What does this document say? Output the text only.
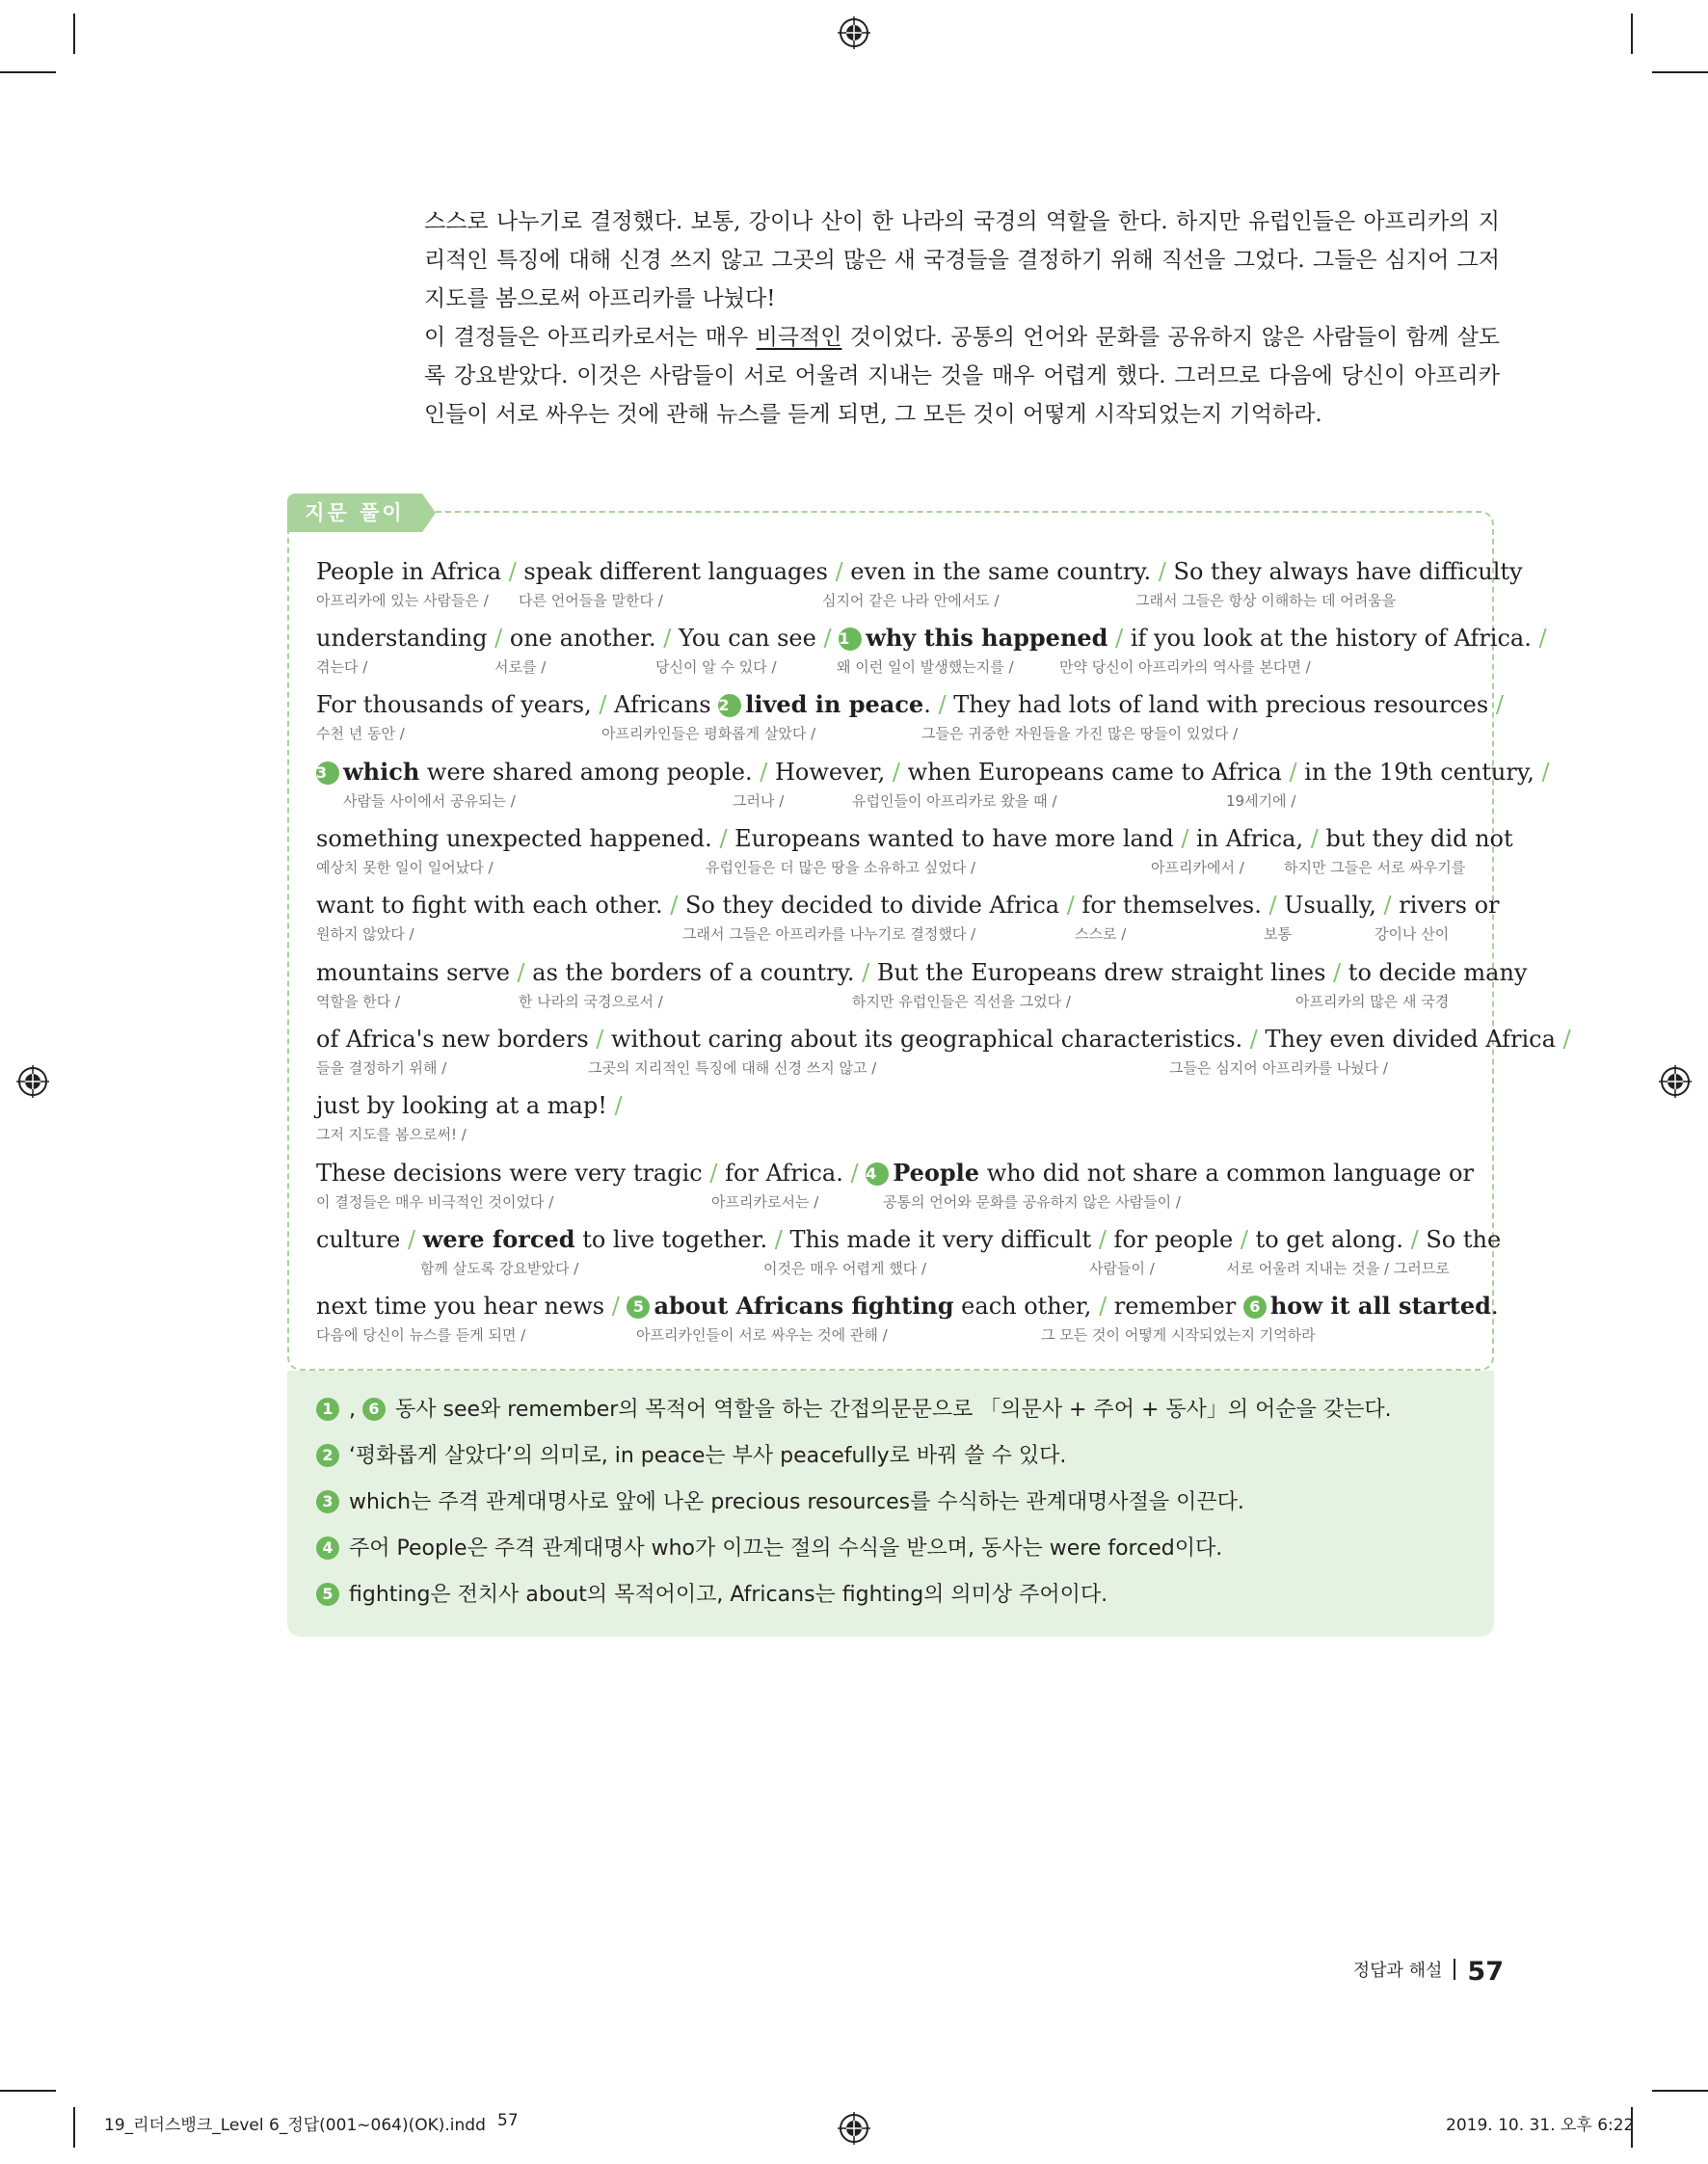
스스로 나누기로 결정했다. 보통, 강이나 산이 한 나라의 국경의 역할을 한다. 하지만 유럽인들은 아프리카의 지리적인 특징에 대해 신경 쓰지 않고 그곳의 많은 새 국경들을 결정하기 위해 직선을 그었다. 그들은 심지어 그저 지도를 봄으로써 아프리카를 나눴다!

이 결정들은 아프리카로서는 매우 비극적인 것이었다. 공통의 언어와 문화를 공유하지 않은 사람들이 함께 살도록 강요받았다. 이것은 사람들이 서로 어울려 지내는 것을 매우 어렵게 했다. 그러므로 다음에 당신이 아프리카인들이 서로 싸우는 것에 관해 뉴스를 듣게 되면, 그 모든 것이 어떻게 시작되었는지 기억하라.

지문 풀이
People in Africa / speak different languages / even in the same country. / So they always have difficulty
아프리카에 있는 사람들은 / 다른 언어들을 말한다 /	심지어 같은 나라 안에서도 /	그래서 그들은 항상 이해하는 데 어려움을
understanding / one another. / You can see / 1 why this happened / if you look at the history of Africa. /
겪는다 /	서로를 /	당신이 알 수 있다 /	왜 이런 일이 발생했는지를 /	만약 당신이 아프리카의 역사를 본다면 /
For thousands of years, / Africans 2 lived in peace. / They had lots of land with precious resources /
수천 년 동안 /	아프리카인들은 평화롭게 살았다 /	그들은 귀중한 자원들을 가진 많은 땅들이 있었다 /
3 which were shared among people. / However, / when Europeans came to Africa / in the 19th century, /
사람들 사이에서 공유되는 /	그러나 /	유럽인들이 아프리카로 왔을 때 /	19세기에 /
something unexpected happened. / Europeans wanted to have more land / in Africa, / but they did not
예상치 못한 일이 일어났다 /	유럽인들은 더 많은 땅을 소유하고 싶었다 /	아프리카에서 /	하지만 그들은 서로 싸우기를
want to fight with each other. / So they decided to divide Africa / for themselves. / Usually, / rivers or
원하지 않았다 /	그래서 그들은 아프리카를 나누기로 결정했다 /	스스로 /	보통	강이나 산이
mountains serve / as the borders of a country. / But the Europeans drew straight lines / to decide many
역할을 한다 /	한 나라의 국경으로서 /	하지만 유럽인들은 직선을 그었다 /	아프리카의 많은 새 국경
of Africa's new borders / without caring about its geographical characteristics. / They even divided Africa /
들을 결정하기 위해 /	그곳의 지리적인 특징에 대해 신경 쓰지 않고 /	그들은 심지어 아프리카를 나눴다 /
just by looking at a map! /
그저 지도를 봄으로써! /
These decisions were very tragic / for Africa. / 4 People who did not share a common language or
이 결정들은 매우 비극적인 것이었다 /	아프리카로서는 /	공통의 언어와 문화를 공유하지 않은 사람들이 /
culture / were forced to live together. / This made it very difficult / for people / to get along. / So the
함께 살도록 강요받았다 /	이것은 매우 어렵게 했다 /	사람들이 /	서로 어울려 지내는 것을 / 그러므로
next time you hear news / 5 about Africans fighting each other, / remember 6 how it all started.
다음에 당신이 뉴스를 듣게 되면 /	아프리카인들이 서로 싸우는 것에 관해 /	그 모든 것이 어떻게 시작되었는지 기억하라
1 , 6 동사 see와 remember의 목적어 역할을 하는 간접의문문으로 「의문사 + 주어 + 동사」의 어순을 갖는다.
2 ‘평화롭게 살았다’의 의미로, in peace는 부사 peacefully로 바꿔 쓸 수 있다.
3 which는 주격 관계대명사로 앞에 나온 precious resources를 수식하는 관계대명사절을 이끈다.
4 주어 People은 주격 관계대명사 who가 이끄는 절의 수식을 받으며, 동사는 were forced이다.
5 fighting은 전치사 about의 목적어이고, Africans는 fighting의 의미상 주어이다.
정답과 해설 57
19_리더스뱅크_Level 6_정답(001~064)(OK).indd 57	2019. 10. 31. 오후 6:22
